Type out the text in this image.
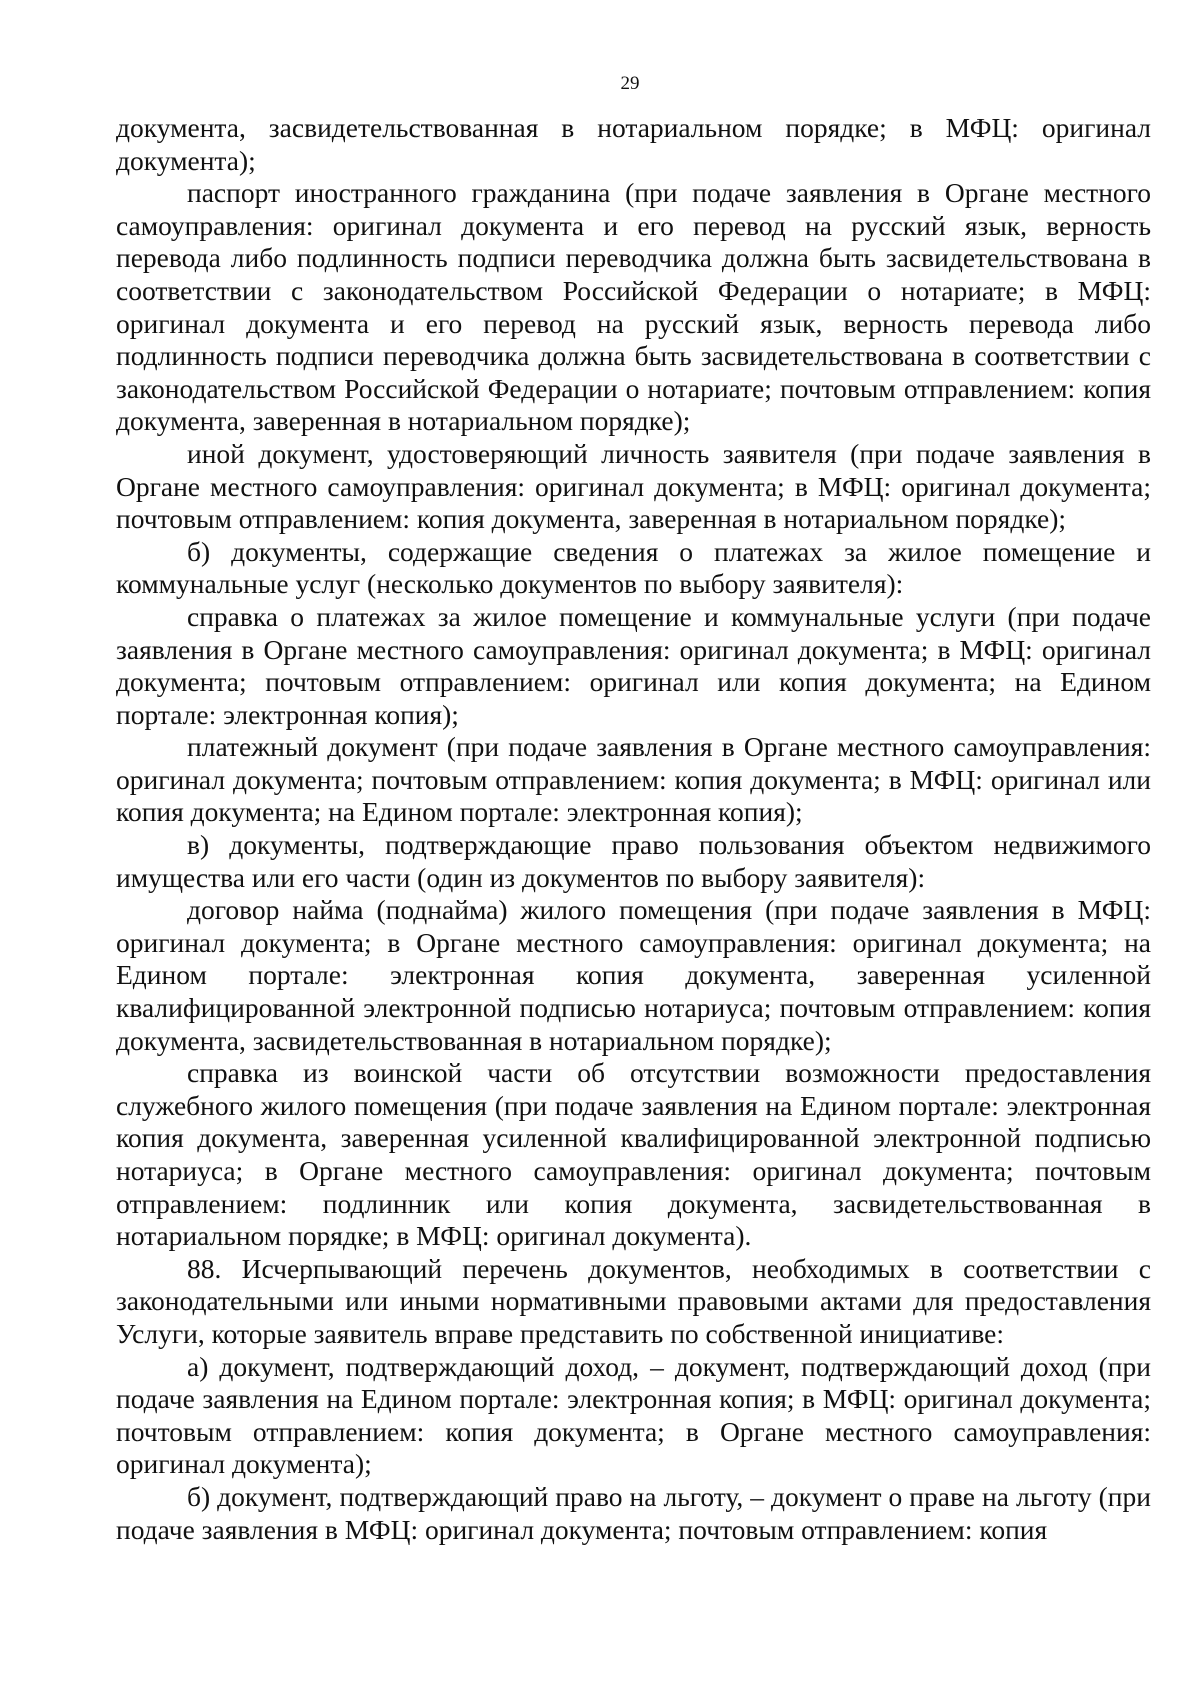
29

документа, засвидетельствованная в нотариальном порядке; в МФЦ: оригинал документа);

паспорт иностранного гражданина (при подаче заявления в Органе местного самоуправления: оригинал документа и его перевод на русский язык, верность перевода либо подлинность подписи переводчика должна быть засвидетельствована в соответствии с законодательством Российской Федерации о нотариате; в МФЦ: оригинал документа и его перевод на русский язык, верность перевода либо подлинность подписи переводчика должна быть засвидетельствована в соответствии с законодательством Российской Федерации о нотариате; почтовым отправлением: копия документа, заверенная в нотариальном порядке);

иной документ, удостоверяющий личность заявителя (при подаче заявления в Органе местного самоуправления: оригинал документа; в МФЦ: оригинал документа; почтовым отправлением: копия документа, заверенная в нотариальном порядке);

б) документы, содержащие сведения о платежах за жилое помещение и коммунальные услуг (несколько документов по выбору заявителя):

справка о платежах за жилое помещение и коммунальные услуги (при подаче заявления в Органе местного самоуправления: оригинал документа; в МФЦ: оригинал документа; почтовым отправлением: оригинал или копия документа; на Едином портале: электронная копия);

платежный документ (при подаче заявления в Органе местного самоуправления: оригинал документа; почтовым отправлением: копия документа; в МФЦ: оригинал или копия документа; на Едином портале: электронная копия);

в) документы, подтверждающие право пользования объектом недвижимого имущества или его части (один из документов по выбору заявителя):

договор найма (поднайма) жилого помещения (при подаче заявления в МФЦ: оригинал документа; в Органе местного самоуправления: оригинал документа; на Едином портале: электронная копия документа, заверенная усиленной квалифицированной электронной подписью нотариуса; почтовым отправлением: копия документа, засвидетельствованная в нотариальном порядке);

справка из воинской части об отсутствии возможности предоставления служебного жилого помещения (при подаче заявления на Едином портале: электронная копия документа, заверенная усиленной квалифицированной электронной подписью нотариуса; в Органе местного самоуправления: оригинал документа; почтовым отправлением: подлинник или копия документа, засвидетельствованная в нотариальном порядке; в МФЦ: оригинал документа).

88. Исчерпывающий перечень документов, необходимых в соответствии с законодательными или иными нормативными правовыми актами для предоставления Услуги, которые заявитель вправе представить по собственной инициативе:

а) документ, подтверждающий доход, – документ, подтверждающий доход (при подаче заявления на Едином портале: электронная копия; в МФЦ: оригинал документа; почтовым отправлением: копия документа; в Органе местного самоуправления: оригинал документа);

б) документ, подтверждающий право на льготу, – документ о праве на льготу (при подаче заявления в МФЦ: оригинал документа; почтовым отправлением: копия
